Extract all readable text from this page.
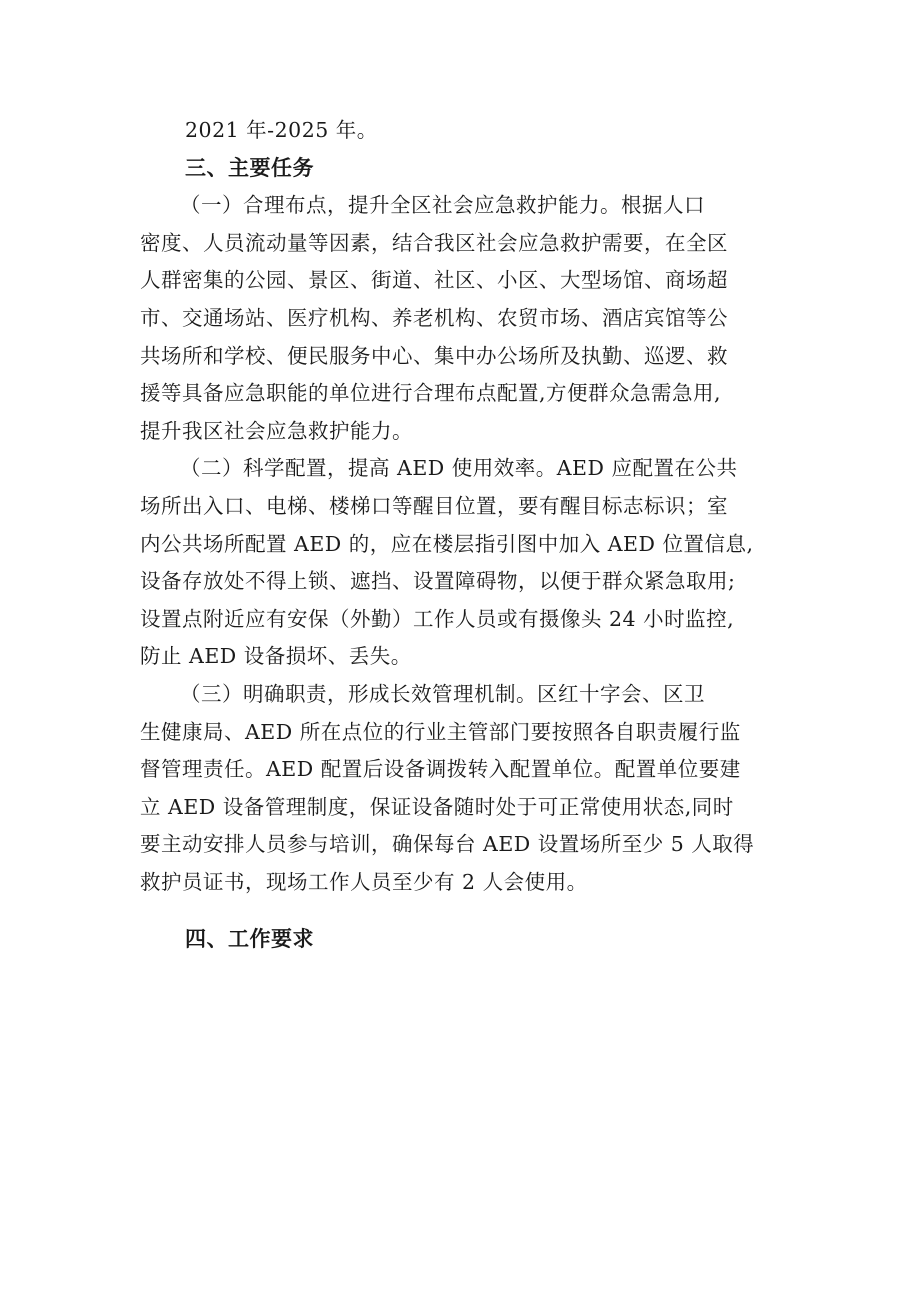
2021 年-2025 年。
三、主要任务
（一）合理布点，提升全区社会应急救护能力。根据人口
密度、人员流动量等因素，结合我区社会应急救护需要，在全区
人群密集的公园、景区、街道、社区、小区、大型场馆、商场超
市、交通场站、医疗机构、养老机构、农贸市场、酒店宾馆等公
共场所和学校、便民服务中心、集中办公场所及执勤、巡逻、救
援等具备应急职能的单位进行合理布点配置,方便群众急需急用,
提升我区社会应急救护能力。
（二）科学配置，提高 AED 使用效率。AED 应配置在公共
场所出入口、电梯、楼梯口等醒目位置，要有醒目标志标识；室
内公共场所配置 AED 的，应在楼层指引图中加入 AED 位置信息,
设备存放处不得上锁、遮挡、设置障碍物，以便于群众紧急取用;
设置点附近应有安保（外勤）工作人员或有摄像头 24 小时监控,
防止 AED 设备损坏、丢失。
（三）明确职责，形成长效管理机制。区红十字会、区卫
生健康局、AED 所在点位的行业主管部门要按照各自职责履行监
督管理责任。AED 配置后设备调拨转入配置单位。配置单位要建
立 AED 设备管理制度，保证设备随时处于可正常使用状态,同时
要主动安排人员参与培训，确保每台 AED 设置场所至少 5 人取得
救护员证书，现场工作人员至少有 2 人会使用。
四、工作要求
